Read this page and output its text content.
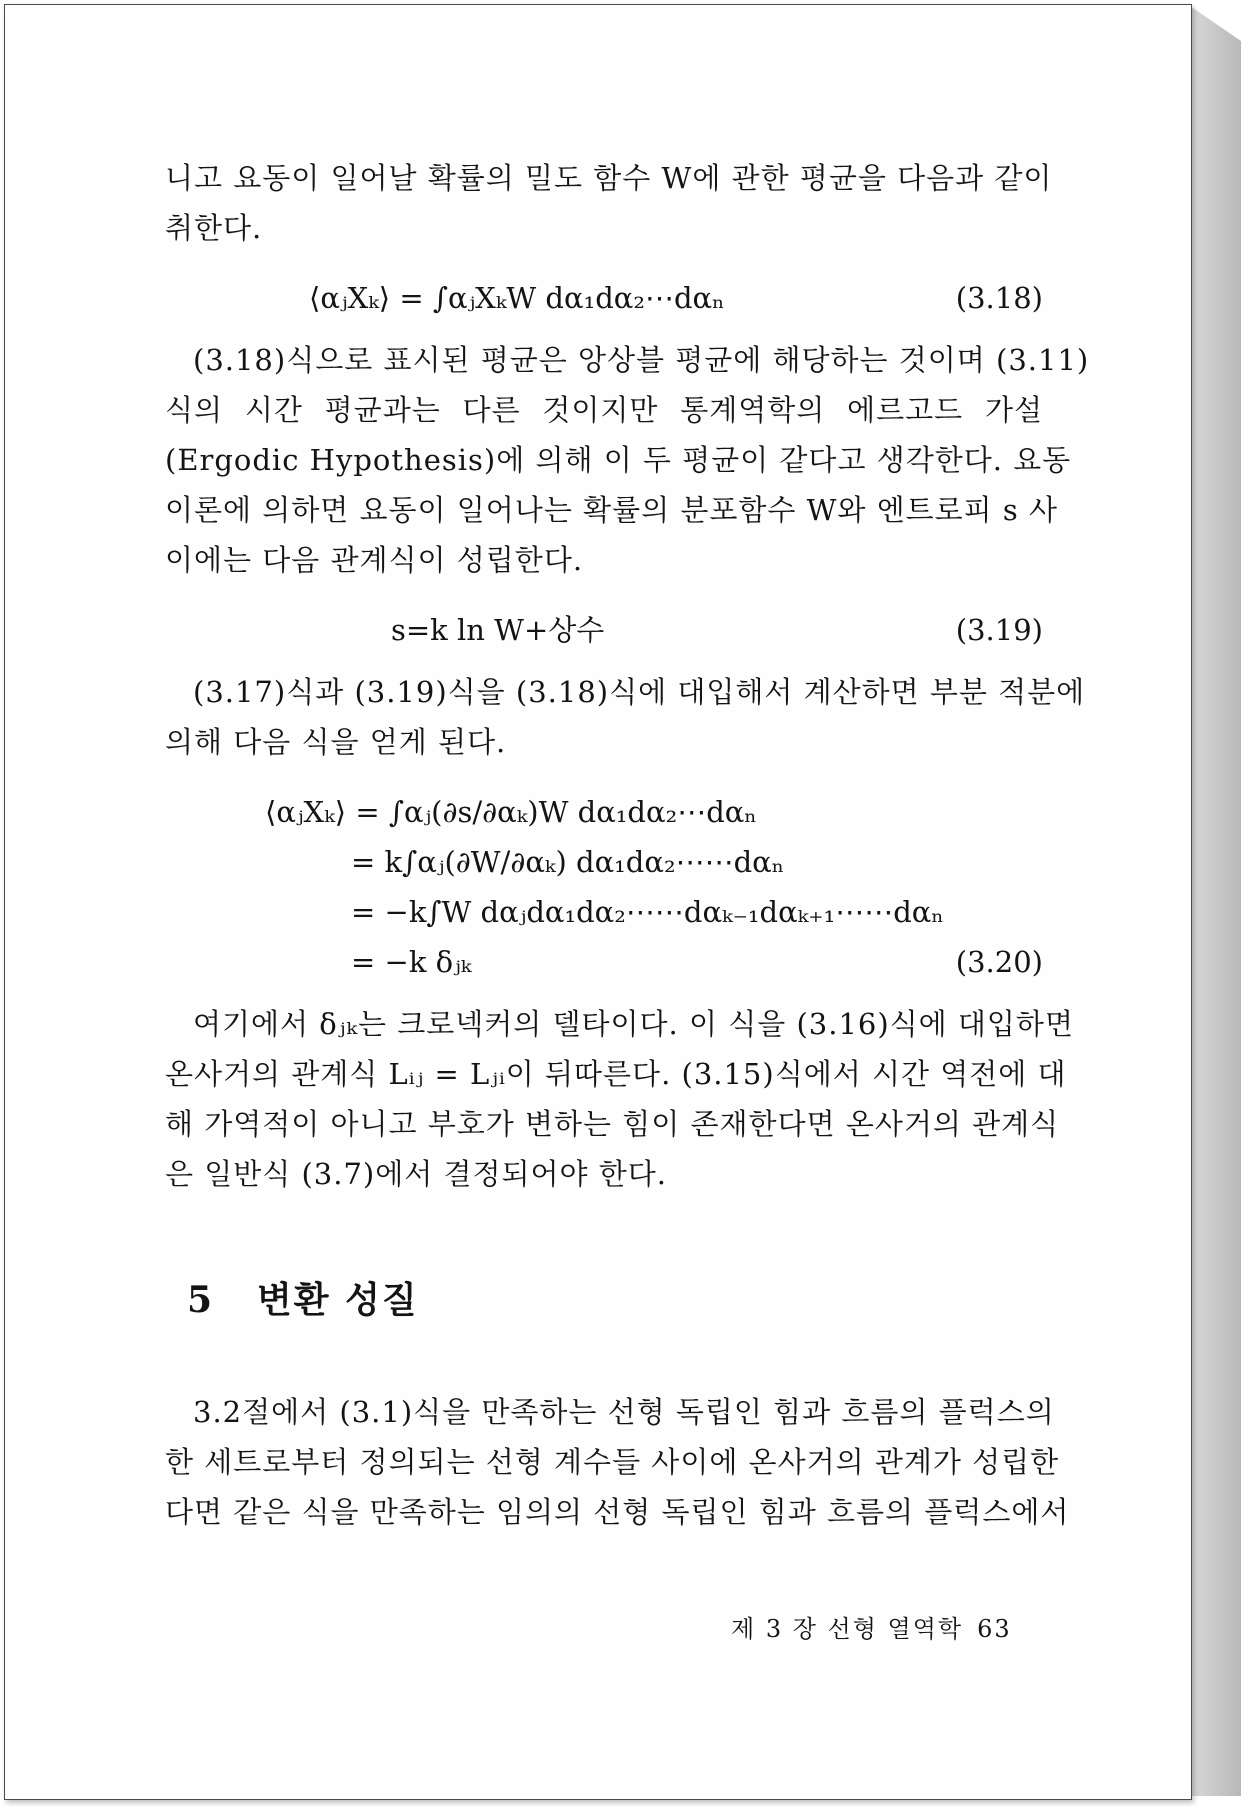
니고 요동이 일어날 확률의 밀도 함수 W에 관한 평균을 다음과 같이
취한다.
⟨αⱼXₖ⟩ = ∫αⱼXₖW dα₁dα₂⋯dαₙ	(3.18)
(3.18)식으로 표시된 평균은 앙상블 평균에 해당하는 것이며 (3.11)
식의 시간 평균과는 다른 것이지만 통계역학의 에르고드 가설
(Ergodic Hypothesis)에 의해 이 두 평균이 같다고 생각한다. 요동
이론에 의하면 요동이 일어나는 확률의 분포함수 W와 엔트로피 s 사
이에는 다음 관계식이 성립한다.
s=k ln W+상수	(3.19)
(3.17)식과 (3.19)식을 (3.18)식에 대입해서 계산하면 부분 적분에
의해 다음 식을 얻게 된다.
⟨αⱼXₖ⟩ = ∫αⱼ(∂s/∂αₖ)W dα₁dα₂⋯dαₙ
= k∫αⱼ(∂W/∂αₖ) dα₁dα₂⋯⋯dαₙ
= −k∫W dαⱼdα₁dα₂⋯⋯dαₖ₋₁dαₖ₊₁⋯⋯dαₙ
= −k δⱼₖ	(3.20)
여기에서 δⱼₖ는 크로넥커의 델타이다. 이 식을 (3.16)식에 대입하면
온사거의 관계식 Lᵢⱼ = Lⱼᵢ이 뒤따른다. (3.15)식에서 시간 역전에 대
해 가역적이 아니고 부호가 변하는 힘이 존재한다면 온사거의 관계식
은 일반식 (3.7)에서 결정되어야 한다.
5 변환 성질
3.2절에서 (3.1)식을 만족하는 선형 독립인 힘과 흐름의 플럭스의
한 세트로부터 정의되는 선형 계수들 사이에 온사거의 관계가 성립한
다면 같은 식을 만족하는 임의의 선형 독립인 힘과 흐름의 플럭스에서
제 3 장 선형 열역학 63
